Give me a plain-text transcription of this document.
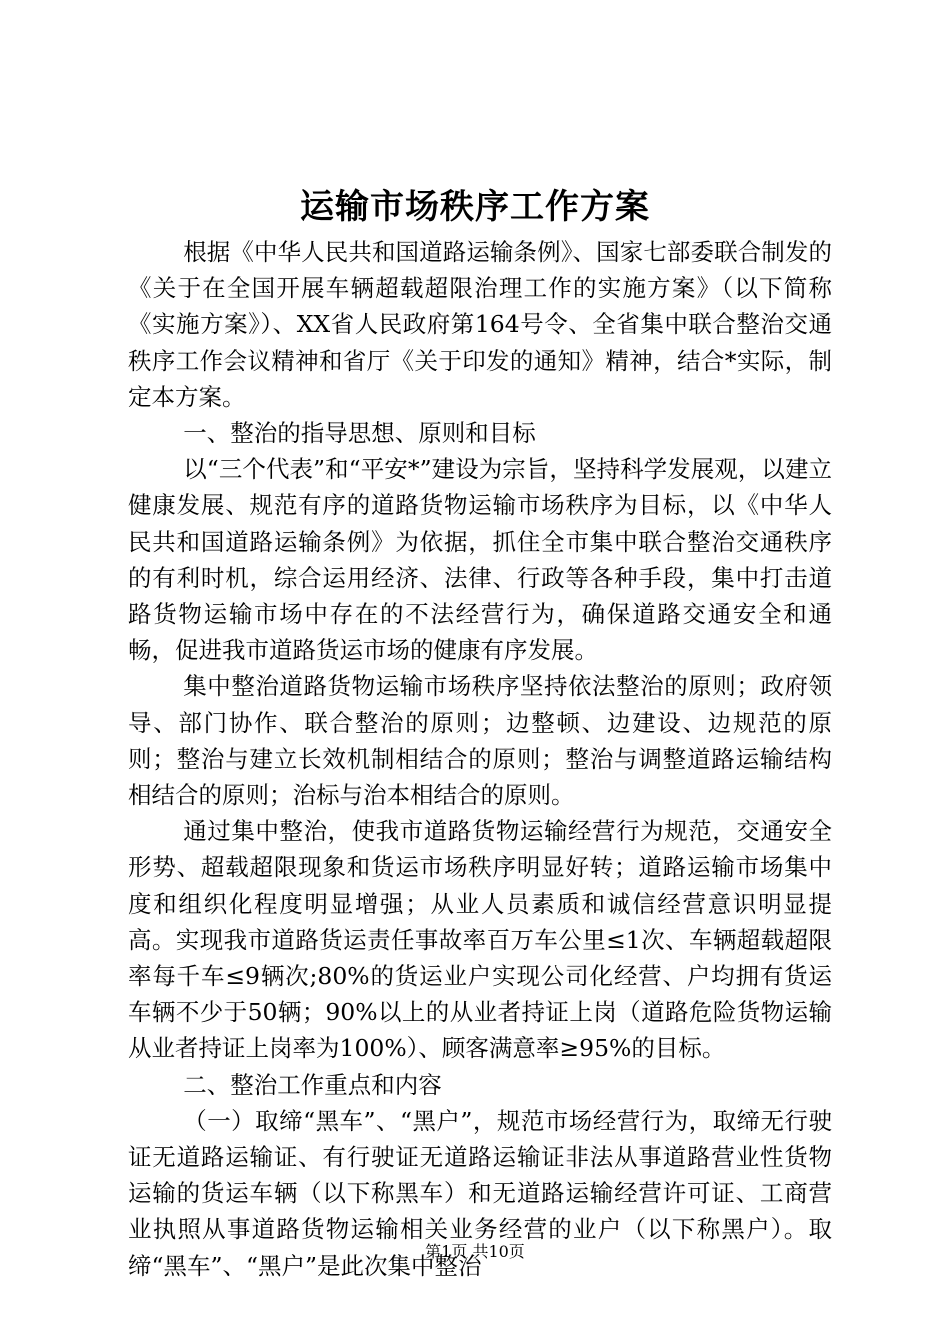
运输市场秩序工作方案

根据《中华人民共和国道路运输条例》、国家七部委联合制发的《关于在全国开展车辆超载超限治理工作的实施方案》（以下简称《实施方案》）、XX省人民政府第164号令、全省集中联合整治交通秩序工作会议精神和省厅《关于印发的通知》精神，结合*实际，制定本方案。

一、整治的指导思想、原则和目标

以“三个代表”和“平安*”建设为宗旨，坚持科学发展观，以建立健康发展、规范有序的道路货物运输市场秩序为目标，以《中华人民共和国道路运输条例》为依据，抓住全市集中联合整治交通秩序的有利时机，综合运用经济、法律、行政等各种手段，集中打击道路货物运输市场中存在的不法经营行为，确保道路交通安全和通畅，促进我市道路货运市场的健康有序发展。

集中整治道路货物运输市场秩序坚持依法整治的原则；政府领导、部门协作、联合整治的原则；边整顿、边建设、边规范的原则；整治与建立长效机制相结合的原则；整治与调整道路运输结构相结合的原则；治标与治本相结合的原则。

通过集中整治，使我市道路货物运输经营行为规范，交通安全形势、超载超限现象和货运市场秩序明显好转；道路运输市场集中度和组织化程度明显增强；从业人员素质和诚信经营意识明显提高。实现我市道路货运责任事故率百万车公里≤1次、车辆超载超限率每千车≤9辆次;80%的货运业户实现公司化经营、户均拥有货运车辆不少于50辆；90%以上的从业者持证上岗（道路危险货物运输从业者持证上岗率为100%）、顾客满意率≥95%的目标。

二、整治工作重点和内容

（一）取缔“黑车”、“黑户”，规范市场经营行为，取缔无行驶证无道路运输证、有行驶证无道路运输证非法从事道路营业性货物运输的货运车辆（以下称黑车）和无道路运输经营许可证、工商营业执照从事道路货物运输相关业务经营的业户（以下称黑户）。取缔“黑车”、“黑户”是此次集中整治

第1页 共10页
